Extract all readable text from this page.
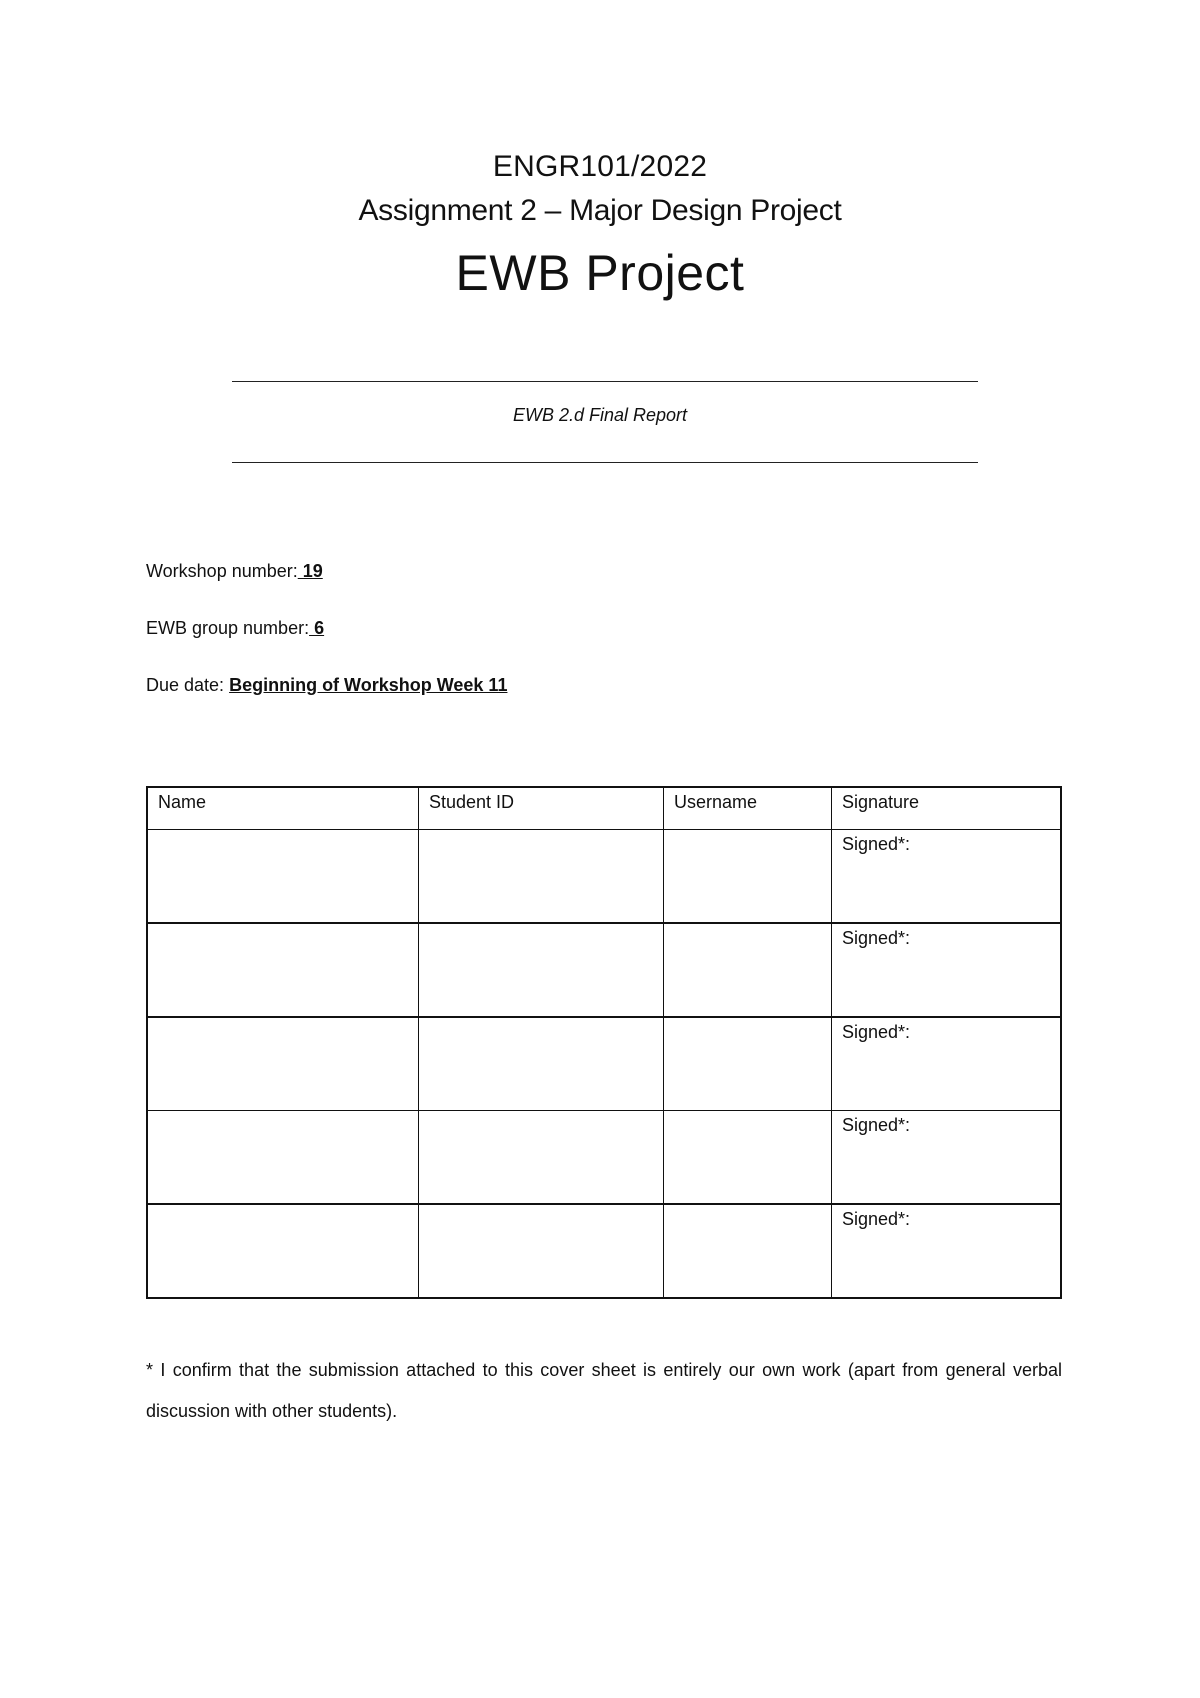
ENGR101/2022
Assignment 2 – Major Design Project
EWB Project
EWB 2.d Final Report
Workshop number: 19
EWB group number: 6
Due date: Beginning of Workshop Week 11
Name	Student ID	Username	Signature
			Signed*:
			Signed*:
			Signed*:
			Signed*:
			Signed*:
* I confirm that the submission attached to this cover sheet is entirely our own work (apart from general verbal discussion with other students).
